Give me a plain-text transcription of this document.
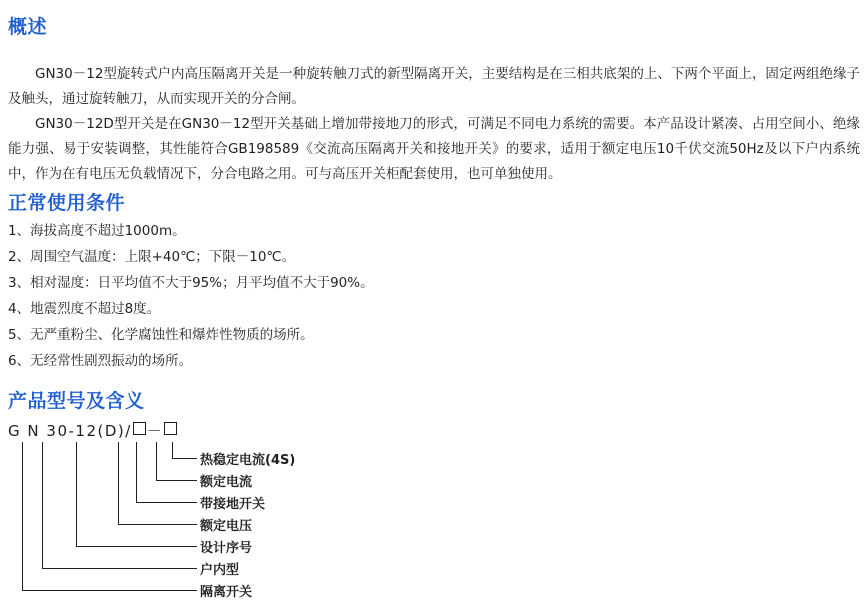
概述

GN30－12型旋转式户内高压隔离开关是一种旋转触刀式的新型隔离开关，主要结构是在三相共底架的上、下两个平面上，固定两组绝缘子及触头，通过旋转触刀，从而实现开关的分合闸。

GN30－12D型开关是在GN30－12型开关基础上增加带接地刀的形式，可满足不同电力系统的需要。本产品设计紧凑、占用空间小、绝缘能力强、易于安装调整，其性能符合GB198589《交流高压隔离开关和接地开关》的要求，适用于额定电压10千伏交流50Hz及以下户内系统中，作为在有电压无负载情况下，分合电路之用。可与高压开关柜配套使用，也可单独使用。

正常使用条件
1、海拔高度不超过1000m。
2、周围空气温度：上限+40℃；下限－10℃。
3、相对湿度：日平均值不大于95%；月平均值不大于90%。
4、地震烈度不超过8度。
5、无严重粉尘、化学腐蚀性和爆炸性物质的场所。
6、无经常性剧烈振动的场所。
产品型号及含义
G N 30-12(D)/ －
热稳定电流(4S)
额定电流
带接地开关
额定电压
设计序号
户内型
隔离开关
